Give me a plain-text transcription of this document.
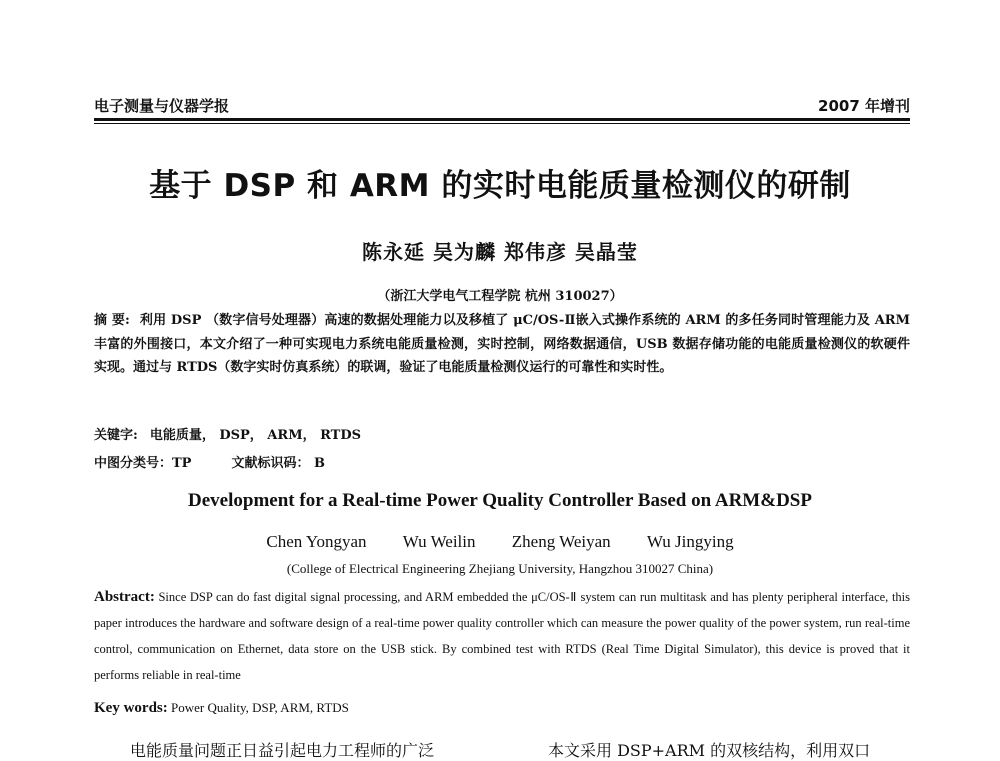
电子测量与仪器学报	2007 年增刊
基于 DSP 和 ARM 的实时电能质量检测仪的研制
陈永延 吴为麟 郑伟彦 吴晶莹
（浙江大学电气工程学院 杭州 310027）
摘 要: 利用 DSP （数字信号处理器）高速的数据处理能力以及移植了 μC/OS-Ⅱ嵌入式操作系统的 ARM 的多任务同时管理能力及 ARM 丰富的外围接口，本文介绍了一种可实现电力系统电能质量检测，实时控制，网络数据通信，USB 数据存储功能的电能质量检测仪的软硬件实现。通过与 RTDS（数字实时仿真系统）的联调，验证了电能质量检测仪运行的可靠性和实时性。
关键字: 电能质量， DSP， ARM， RTDS
中图分类号：TP	文献标识码： B
Development for a Real-time Power Quality Controller Based on ARM&DSP
Chen Yongyan Wu Weilin Zheng Weiyan Wu Jingying
(College of Electrical Engineering Zhejiang University, Hangzhou 310027 China)
Abstract: Since DSP can do fast digital signal processing, and ARM embedded the μC/OS-Ⅱ system can run multitask and has plenty peripheral interface, this paper introduces the hardware and software design of a real-time power quality controller which can measure the power quality of the power system, run real-time control, communication on Ethernet, data store on the USB stick. By combined test with RTDS (Real Time Digital Simulator), this device is proved that it performs reliable in real-time
Key words: Power Quality, DSP, ARM, RTDS
电能质量问题正日益引起电力工程师的广泛	本文采用 DSP+ARM 的双核结构，利用双口
